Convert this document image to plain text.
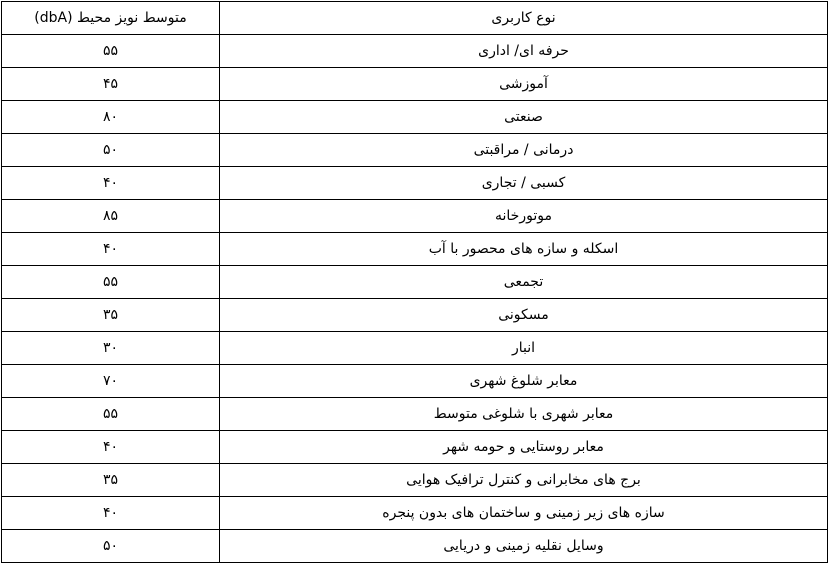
نوع کاربری	متوسط نویز محیط (dbA)
حرفه ای/ اداری	۵۵
آموزشی	۴۵
صنعتی	۸۰
درمانی / مراقبتی	۵۰
کسبی / تجاری	۴۰
موتورخانه	۸۵
اسکله و سازه های محصور با آب	۴۰
تجمعی	۵۵
مسکونی	۳۵
انبار	۳۰
معابر شلوغ شهری	۷۰
معابر شهری با شلوغی متوسط	۵۵
معابر روستایی و حومه شهر	۴۰
برج های مخابرانی و کنترل ترافیک هوایی	۳۵
سازه های زیر زمینی و ساختمان های بدون پنجره	۴۰
وسایل نقلیه زمینی و دریایی	۵۰
